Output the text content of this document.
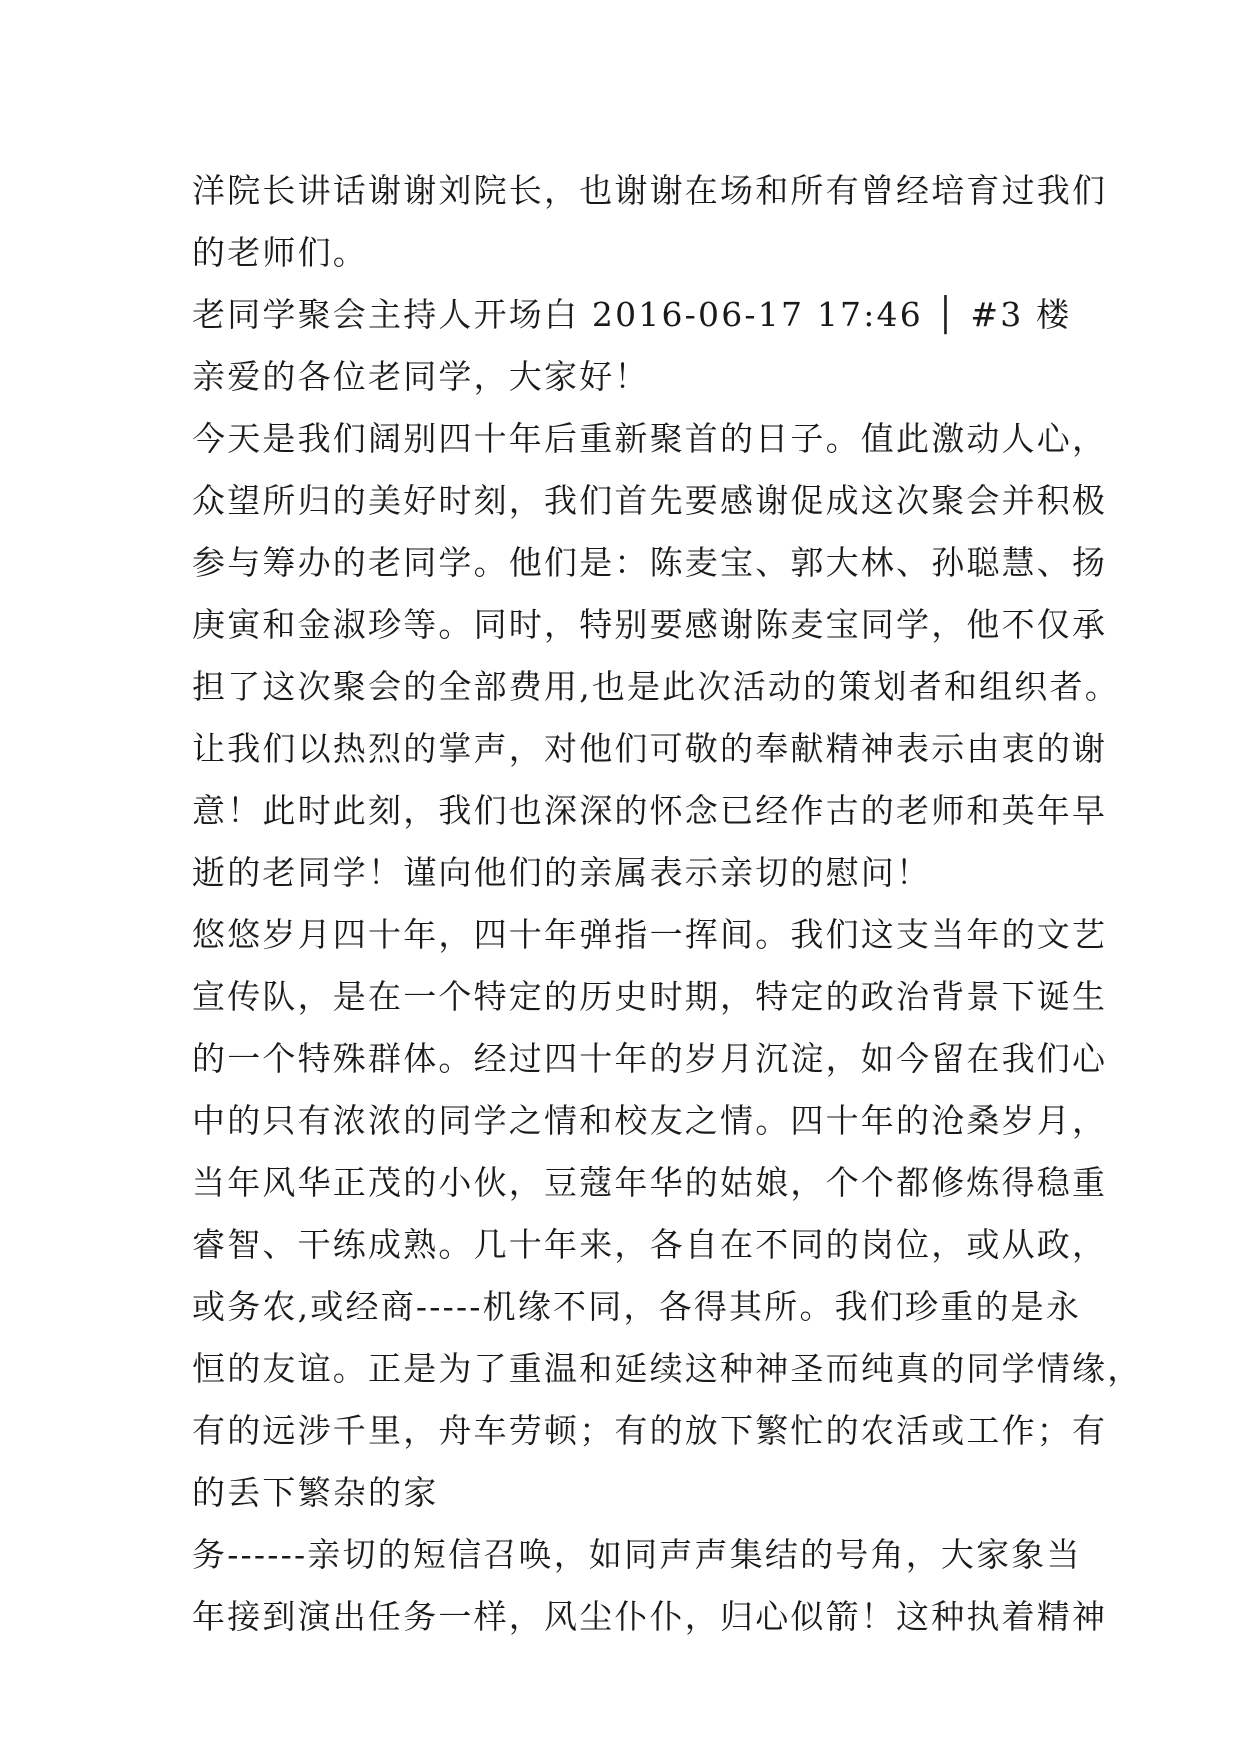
洋院长讲话谢谢刘院长，也谢谢在场和所有曾经培育过我们
的老师们。
老同学聚会主持人开场白 2016-06-17 17:46 │ #3 楼
亲爱的各位老同学，大家好！
今天是我们阔别四十年后重新聚首的日子。值此激动人心，
众望所归的美好时刻，我们首先要感谢促成这次聚会并积极
参与筹办的老同学。他们是：陈麦宝、郭大林、孙聪慧、扬
庚寅和金淑珍等。同时，特别要感谢陈麦宝同学，他不仅承
担了这次聚会的全部费用,也是此次活动的策划者和组织者。
让我们以热烈的掌声，对他们可敬的奉献精神表示由衷的谢
意！此时此刻，我们也深深的怀念已经作古的老师和英年早
逝的老同学！谨向他们的亲属表示亲切的慰问！
悠悠岁月四十年，四十年弹指一挥间。我们这支当年的文艺
宣传队，是在一个特定的历史时期，特定的政治背景下诞生
的一个特殊群体。经过四十年的岁月沉淀，如今留在我们心
中的只有浓浓的同学之情和校友之情。四十年的沧桑岁月，
当年风华正茂的小伙，豆蔻年华的姑娘，个个都修炼得稳重
睿智、干练成熟。几十年来，各自在不同的岗位，或从政，
或务农,或经商-----机缘不同，各得其所。我们珍重的是永
恒的友谊。正是为了重温和延续这种神圣而纯真的同学情缘，
有的远涉千里，舟车劳顿；有的放下繁忙的农活或工作；有
的丢下繁杂的家
务------亲切的短信召唤，如同声声集结的号角，大家象当
年接到演出任务一样，风尘仆仆，归心似箭！这种执着精神
